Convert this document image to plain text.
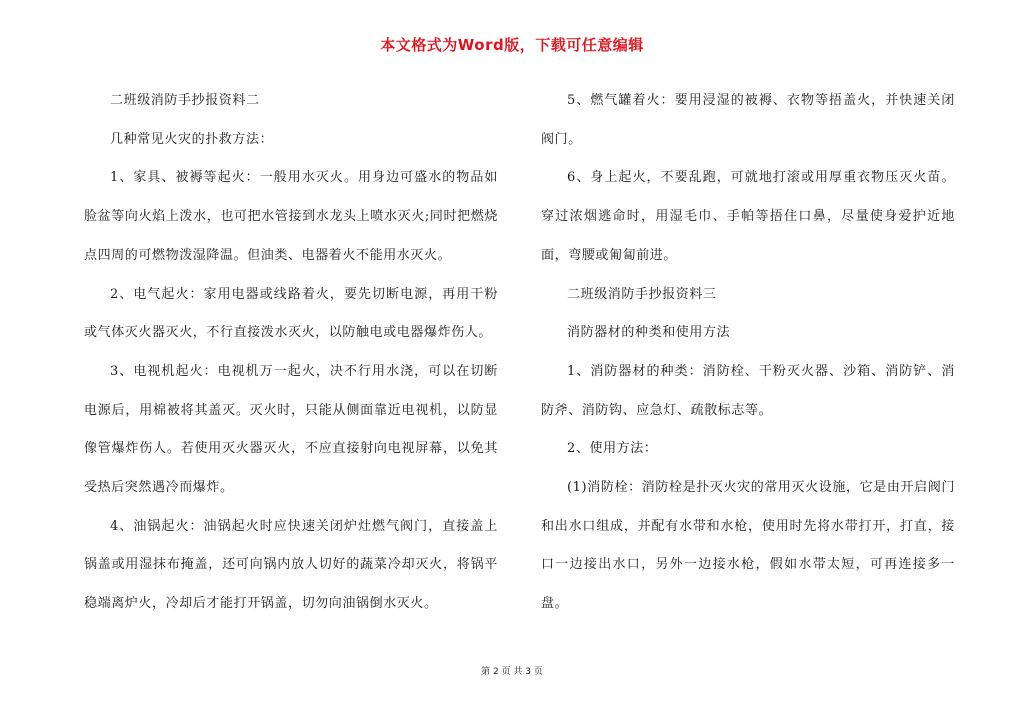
本文格式为Word版，下载可任意编辑

二班级消防手抄报资料二

几种常见火灾的扑救方法：

1、家具、被褥等起火：一般用水灭火。用身边可盛水的物品如脸盆等向火焰上泼水，也可把水管接到水龙头上喷水灭火;同时把燃烧点四周的可燃物泼湿降温。但油类、电器着火不能用水灭火。

2、电气起火：家用电器或线路着火，要先切断电源，再用干粉或气体灭火器灭火，不行直接泼水灭火，以防触电或电器爆炸伤人。

3、电视机起火：电视机万一起火，决不行用水浇，可以在切断电源后，用棉被将其盖灭。灭火时，只能从侧面靠近电视机，以防显像管爆炸伤人。若使用灭火器灭火，不应直接射向电视屏幕，以免其受热后突然遇冷而爆炸。

4、油锅起火：油锅起火时应快速关闭炉灶燃气阀门，直接盖上锅盖或用湿抹布掩盖，还可向锅内放人切好的蔬菜冷却灭火，将锅平稳端离炉火，冷却后才能打开锅盖，切勿向油锅倒水灭火。

5、燃气罐着火：要用浸湿的被褥、衣物等捂盖火，并快速关闭阀门。

6、身上起火，不要乱跑，可就地打滚或用厚重衣物压灭火苗。穿过浓烟逃命时，用湿毛巾、手帕等捂住口鼻，尽量使身爱护近地面，弯腰或匍匐前进。

二班级消防手抄报资料三

消防器材的种类和使用方法

1、消防器材的种类：消防栓、干粉灭火器、沙箱、消防铲、消防斧、消防钩、应急灯、疏散标志等。

2、使用方法：

(1)消防栓：消防栓是扑灭火灾的常用灭火设施，它是由开启阀门和出水口组成，并配有水带和水枪，使用时先将水带打开，打直，接口一边接出水口，另外一边接水枪，假如水带太短，可再连接多一盘。

第 2 页 共 3 页
